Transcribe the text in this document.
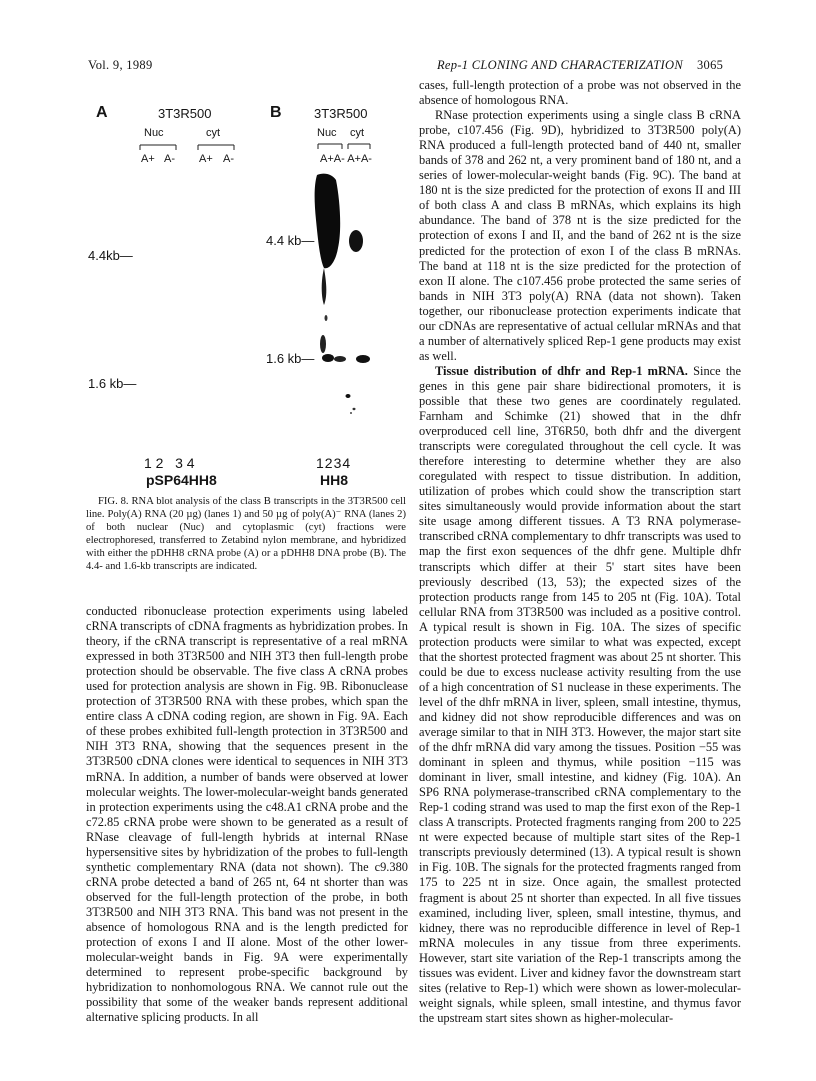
Vol. 9, 1989	Rep-1 CLONING AND CHARACTERIZATION 3065
A	3T3R500
Nuc	cyt
A+ A- A+ A-
4.4kb—
1.6 kb—
1 2   3 4
pSP64HH8
B 3T3R500
Nuc cyt
A+A- A+A-
4.4 kb—
1.6 kb—
1234
HH8

FIG. 8. RNA blot analysis of the class B transcripts in the 3T3R500 cell line. Poly(A) RNA (20 µg) (lanes 1) and 50 µg of poly(A)⁻ RNA (lanes 2) of both nuclear (Nuc) and cytoplasmic (cyt) fractions were electrophoresed, transferred to Zetabind nylon membrane, and hybridized with either the pDHH8 cRNA probe (A) or a pDHH8 DNA probe (B). The 4.4- and 1.6-kb transcripts are indicated.

conducted ribonuclease protection experiments using labeled cRNA transcripts of cDNA fragments as hybridization probes. In theory, if the cRNA transcript is representative of a real mRNA expressed in both 3T3R500 and NIH 3T3 then full-length probe protection should be observable. The five class A cRNA probes used for protection analysis are shown in Fig. 9B. Ribonuclease protection of 3T3R500 RNA with these probes, which span the entire class A cDNA coding region, are shown in Fig. 9A. Each of these probes exhibited full-length protection in 3T3R500 and NIH 3T3 RNA, showing that the sequences present in the 3T3R500 cDNA clones were identical to sequences in NIH 3T3 mRNA. In addition, a number of bands were observed at lower molecular weights. The lower-molecular-weight bands generated in protection experiments using the c48.A1 cRNA probe and the c72.85 cRNA probe were shown to be generated as a result of RNase cleavage of full-length hybrids at internal RNase hypersensitive sites by hybridization of the probes to full-length synthetic complementary RNA (data not shown). The c9.380 cRNA probe detected a band of 265 nt, 64 nt shorter than was observed for the full-length protection of the probe, in both 3T3R500 and NIH 3T3 RNA. This band was not present in the absence of homologous RNA and is the length predicted for protection of exons I and II alone. Most of the other lower-molecular-weight bands in Fig. 9A were experimentally determined to represent probe-specific background by hybridization to nonhomologous RNA. We cannot rule out the possibility that some of the weaker bands represent additional alternative splicing products. In all

cases, full-length protection of a probe was not observed in the absence of homologous RNA.

RNase protection experiments using a single class B cRNA probe, c107.456 (Fig. 9D), hybridized to 3T3R500 poly(A) RNA produced a full-length protected band of 440 nt, smaller bands of 378 and 262 nt, a very prominent band of 180 nt, and a series of lower-molecular-weight bands (Fig. 9C). The band at 180 nt is the size predicted for the protection of exons II and III of both class A and class B mRNAs, which explains its high abundance. The band of 378 nt is the size predicted for the protection of exons I and II, and the band of 262 nt is the size predicted for the protection of exon I of the class B mRNAs. The band at 118 nt is the size predicted for the protection of exon II alone. The c107.456 probe protected the same series of bands in NIH 3T3 poly(A) RNA (data not shown). Taken together, our ribonuclease protection experiments indicate that our cDNAs are representative of actual cellular mRNAs and that a number of alternatively spliced Rep-1 gene products may exist as well.

Tissue distribution of dhfr and Rep-1 mRNA. Since the genes in this gene pair share bidirectional promoters, it is possible that these two genes are coordinately regulated. Farnham and Schimke (21) showed that in the dhfr overproduced cell line, 3T6R50, both dhfr and the divergent transcripts were coregulated throughout the cell cycle. It was therefore interesting to determine whether they are also coregulated with respect to tissue distribution. In addition, utilization of probes which could show the transcription start sites simultaneously would provide information about the start site usage among different tissues. A T3 RNA polymerase-transcribed cRNA complementary to dhfr transcripts was used to map the first exon sequences of the dhfr gene. Multiple dhfr transcripts which differ at their 5' start sites have been previously described (13, 53); the expected sizes of the protection products range from 145 to 205 nt (Fig. 10A). Total cellular RNA from 3T3R500 was included as a positive control. A typical result is shown in Fig. 10A. The sizes of specific protection products were similar to what was expected, except that the shortest protected fragment was about 25 nt shorter. This could be due to excess nuclease activity resulting from the use of a high concentration of S1 nuclease in these experiments. The level of the dhfr mRNA in liver, spleen, small intestine, thymus, and kidney did not show reproducible differences and was on average similar to that in NIH 3T3. However, the major start site of the dhfr mRNA did vary among the tissues. Position −55 was dominant in spleen and thymus, while position −115 was dominant in liver, small intestine, and kidney (Fig. 10A). An SP6 RNA polymerase-transcribed cRNA complementary to the Rep-1 coding strand was used to map the first exon of the Rep-1 class A transcripts. Protected fragments ranging from 200 to 225 nt were expected because of multiple start sites of the Rep-1 transcripts previously determined (13). A typical result is shown in Fig. 10B. The signals for the protected fragments ranged from 175 to 225 nt in size. Once again, the smallest protected fragment is about 25 nt shorter than expected. In all five tissues examined, including liver, spleen, small intestine, thymus, and kidney, there was no reproducible difference in level of Rep-1 mRNA molecules in any tissue from three experiments. However, start site variation of the Rep-1 transcripts among the tissues was evident. Liver and kidney favor the downstream start sites (relative to Rep-1) which were shown as lower-molecular-weight signals, while spleen, small intestine, and thymus favor the upstream start sites shown as higher-molecular-
